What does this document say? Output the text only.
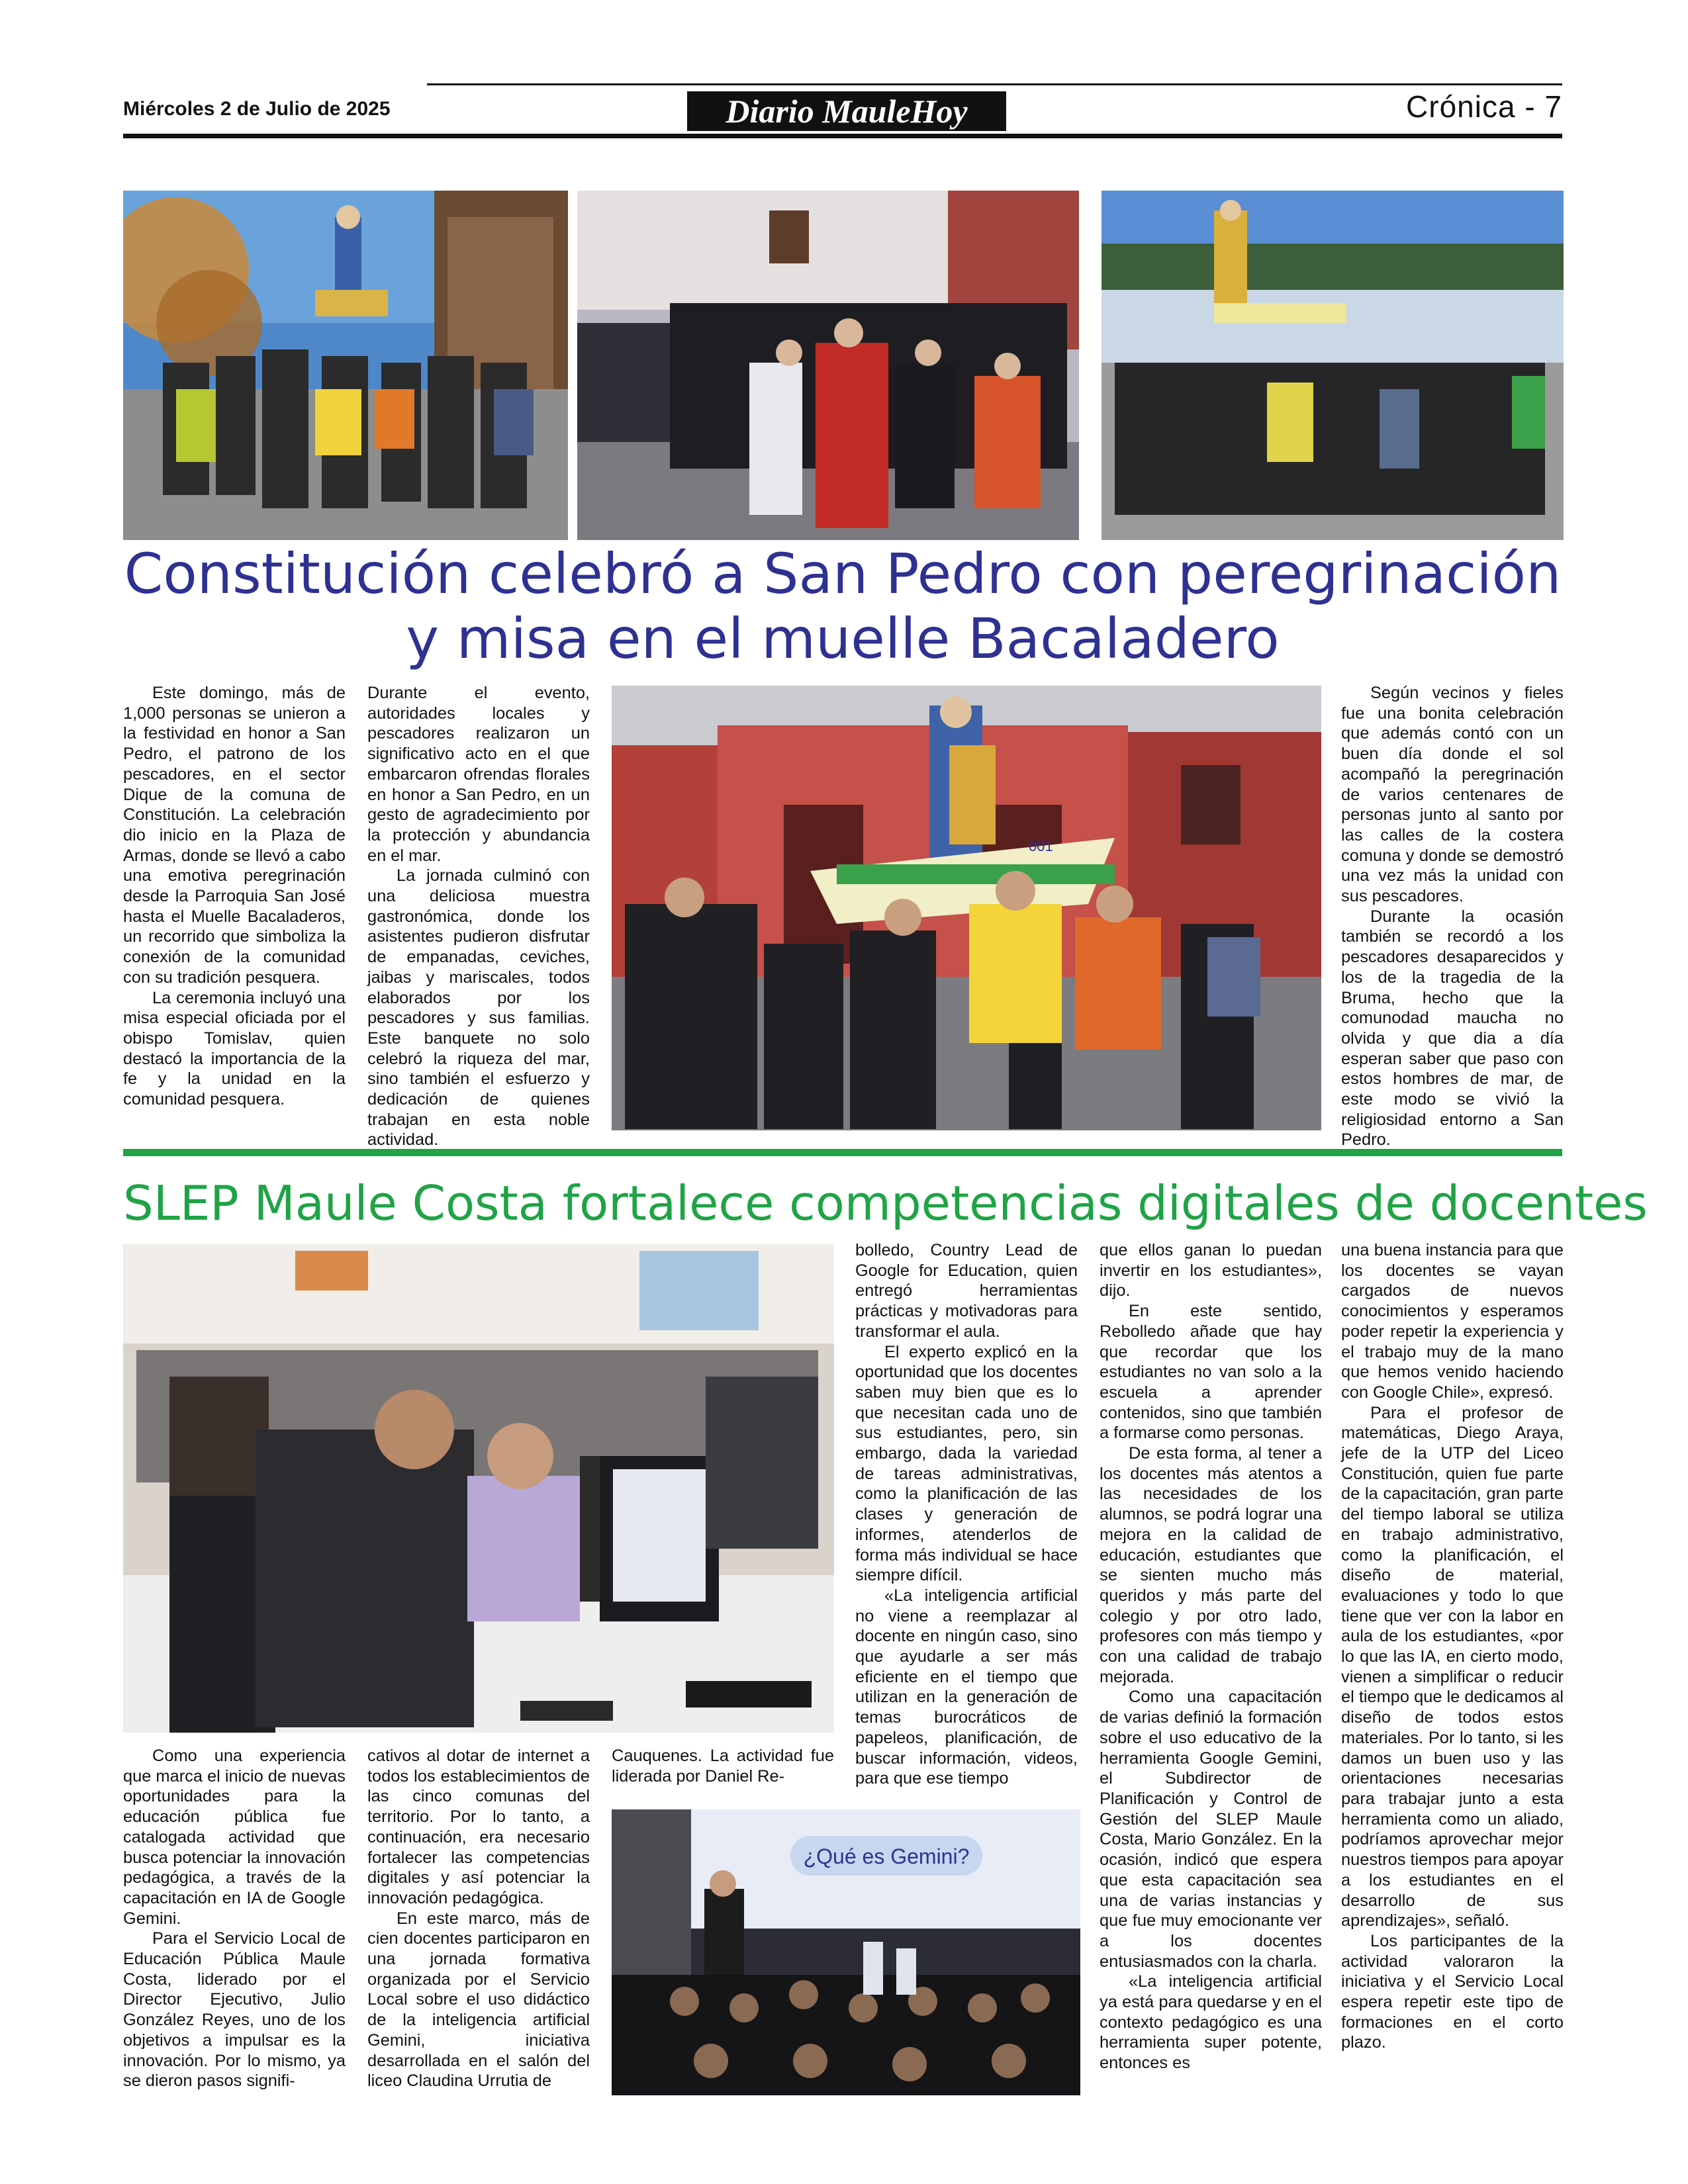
Miércoles 2 de Julio de 2025	Diario MauleHoy	Crónica - 7
Constitución celebró a San Pedro con peregrinación
y misa en el muelle Bacaladero

Este domingo, más de 1,000 personas se unieron a la festividad en honor a San Pedro, el patrono de los pescadores, en el sector Dique de la comuna de Constitución. La celebración dio inicio en la Plaza de Armas, donde se llevó a cabo una emotiva peregrinación desde la Parroquia San José hasta el Muelle Bacaladeros, un recorrido que simboliza la conexión de la comunidad con su tradición pesquera.

La ceremonia incluyó una misa especial oficiada por el obispo Tomislav, quien destacó la importancia de la fe y la unidad en la comunidad pesquera.

Durante el evento, autoridades locales y pescadores realizaron un significativo acto en el que embarcaron ofrendas florales en honor a San Pedro, en un gesto de agradecimiento por la protección y abundancia en el mar.

La jornada culminó con una deliciosa muestra gastronómica, donde los asistentes pudieron disfrutar de empanadas, ceviches, jaibas y mariscales, todos elaborados por los pescadores y sus familias. Este banquete no solo celebró la riqueza del mar, sino también el esfuerzo y dedicación de quienes trabajan en esta noble actividad.

001

Según vecinos y fieles fue una bonita celebración que además contó con un buen día donde el sol acompañó la peregrinación de varios centenares de personas junto al santo por las calles de la costera comuna y donde se demostró una vez más la unidad con sus pescadores.

Durante la ocasión también se recordó a los pescadores desaparecidos y los de la tragedia de la Bruma, hecho que la comunodad maucha no olvida y que dia a día esperan saber que paso con estos hombres de mar, de este modo se vivió la religiosidad entorno a San Pedro.

SLEP Maule Costa fortalece competencias digitales de docentes
¿Qué es Gemini?

Como una experiencia que marca el inicio de nuevas oportunidades para la educación pública fue catalogada actividad que busca potenciar la innovación pedagógica, a través de la capacitación en IA de Google Gemini.

Para el Servicio Local de Educación Pública Maule Costa, liderado por el Director Ejecutivo, Julio González Reyes, uno de los objetivos a impulsar es la innovación. Por lo mismo, ya se dieron pasos signifi-

cativos al dotar de internet a todos los establecimientos de las cinco comunas del territorio. Por lo tanto, a continuación, era necesario fortalecer las competencias digitales y así potenciar la innovación pedagógica.

En este marco, más de cien docentes participaron en una jornada formativa organizada por el Servicio Local sobre el uso didáctico de la inteligencia artificial Gemini, iniciativa desarrollada en el salón del liceo Claudina Urrutia de

Cauquenes. La actividad fue liderada por Daniel Re-

bolledo, Country Lead de Google for Education, quien entregó herramientas prácticas y motivadoras para transformar el aula.

El experto explicó en la oportunidad que los docentes saben muy bien que es lo que necesitan cada uno de sus estudiantes, pero, sin embargo, dada la variedad de tareas administrativas, como la planificación de las clases y generación de informes, atenderlos de forma más individual se hace siempre difícil.

«La inteligencia artificial no viene a reemplazar al docente en ningún caso, sino que ayudarle a ser más eficiente en el tiempo que utilizan en la generación de temas burocráticos de papeleos, planificación, de buscar información, videos, para que ese tiempo

que ellos ganan lo puedan invertir en los estudiantes», dijo.

En este sentido, Rebolledo añade que hay que recordar que los estudiantes no van solo a la escuela a aprender contenidos, sino que también a formarse como personas.

De esta forma, al tener a los docentes más atentos a las necesidades de los alumnos, se podrá lograr una mejora en la calidad de educación, estudiantes que se sienten mucho más queridos y más parte del colegio y por otro lado, profesores con más tiempo y con una calidad de trabajo mejorada.

Como una capacitación de varias definió la formación sobre el uso educativo de la herramienta Google Gemini, el Subdirector de Planificación y Control de Gestión del SLEP Maule Costa, Mario González. En la ocasión, indicó que espera que esta capacitación sea una de varias instancias y que fue muy emocionante ver a los docentes entusiasmados con la charla.

«La inteligencia artificial ya está para quedarse y en el contexto pedagógico es una herramienta super potente, entonces es

una buena instancia para que los docentes se vayan cargados de nuevos conocimientos y esperamos poder repetir la experiencia y el trabajo muy de la mano que hemos venido haciendo con Google Chile», expresó.

Para el profesor de matemáticas, Diego Araya, jefe de la UTP del Liceo Constitución, quien fue parte de la capacitación, gran parte del tiempo laboral se utiliza en trabajo administrativo, como la planificación, el diseño de material, evaluaciones y todo lo que tiene que ver con la labor en aula de los estudiantes, «por lo que las IA, en cierto modo, vienen a simplificar o reducir el tiempo que le dedicamos al diseño de todos estos materiales. Por lo tanto, si les damos un buen uso y las orientaciones necesarias para trabajar junto a esta herramienta como un aliado, podríamos aprovechar mejor nuestros tiempos para apoyar a los estudiantes en el desarrollo de sus aprendizajes», señaló.

Los participantes de la actividad valoraron la iniciativa y el Servicio Local espera repetir este tipo de formaciones en el corto plazo.
